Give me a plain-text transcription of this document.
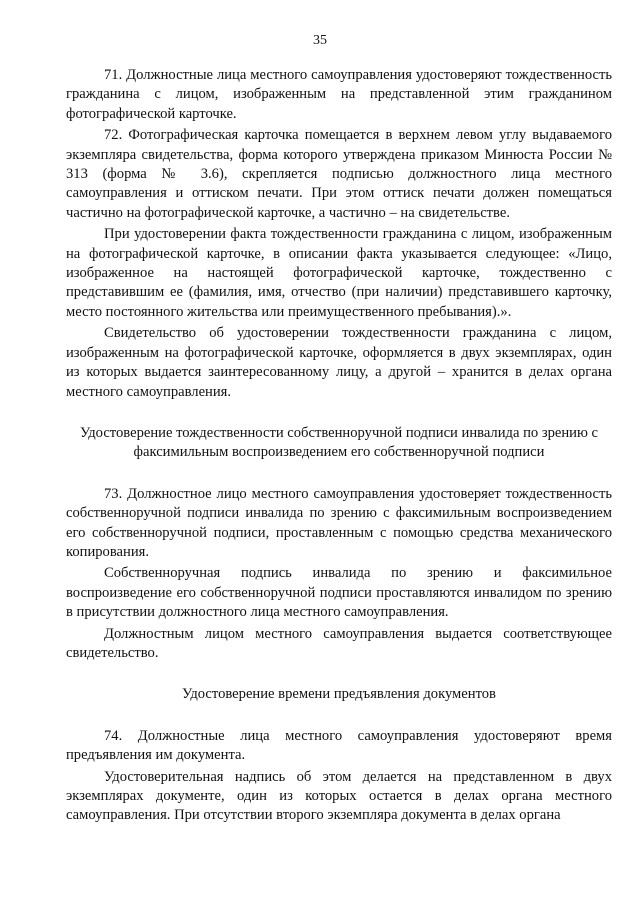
35

71. Должностные лица местного самоуправления удостоверяют тождественность гражданина с лицом, изображенным на представленной этим гражданином фотографической карточке.

72. Фотографическая карточка помещается в верхнем левом углу выдаваемого экземпляра свидетельства, форма которого утверждена приказом Минюста России № 313 (форма № 3.6), скрепляется подписью должностного лица местного самоуправления и оттиском печати. При этом оттиск печати должен помещаться частично на фотографической карточке, а частично – на свидетельстве.

При удостоверении факта тождественности гражданина с лицом, изображенным на фотографической карточке, в описании факта указывается следующее: «Лицо, изображенное на настоящей фотографической карточке, тождественно с представившим ее (фамилия, имя, отчество (при наличии) представившего карточку, место постоянного жительства или преимущественного пребывания).».

Свидетельство об удостоверении тождественности гражданина с лицом, изображенным на фотографической карточке, оформляется в двух экземплярах, один из которых выдается заинтересованному лицу, а другой – хранится в делах органа местного самоуправления.

Удостоверение тождественности собственноручной подписи инвалида по зрению с факсимильным воспроизведением его собственноручной подписи

73. Должностное лицо местного самоуправления удостоверяет тождественность собственноручной подписи инвалида по зрению с факсимильным воспроизведением его собственноручной подписи, проставленным с помощью средства механического копирования.

Собственноручная подпись инвалида по зрению и факсимильное воспроизведение его собственноручной подписи проставляются инвалидом по зрению в присутствии должностного лица местного самоуправления.

Должностным лицом местного самоуправления выдается соответствующее свидетельство.

Удостоверение времени предъявления документов

74. Должностные лица местного самоуправления удостоверяют время предъявления им документа.

Удостоверительная надпись об этом делается на представленном в двух экземплярах документе, один из которых остается в делах органа местного самоуправления. При отсутствии второго экземпляра документа в делах органа
